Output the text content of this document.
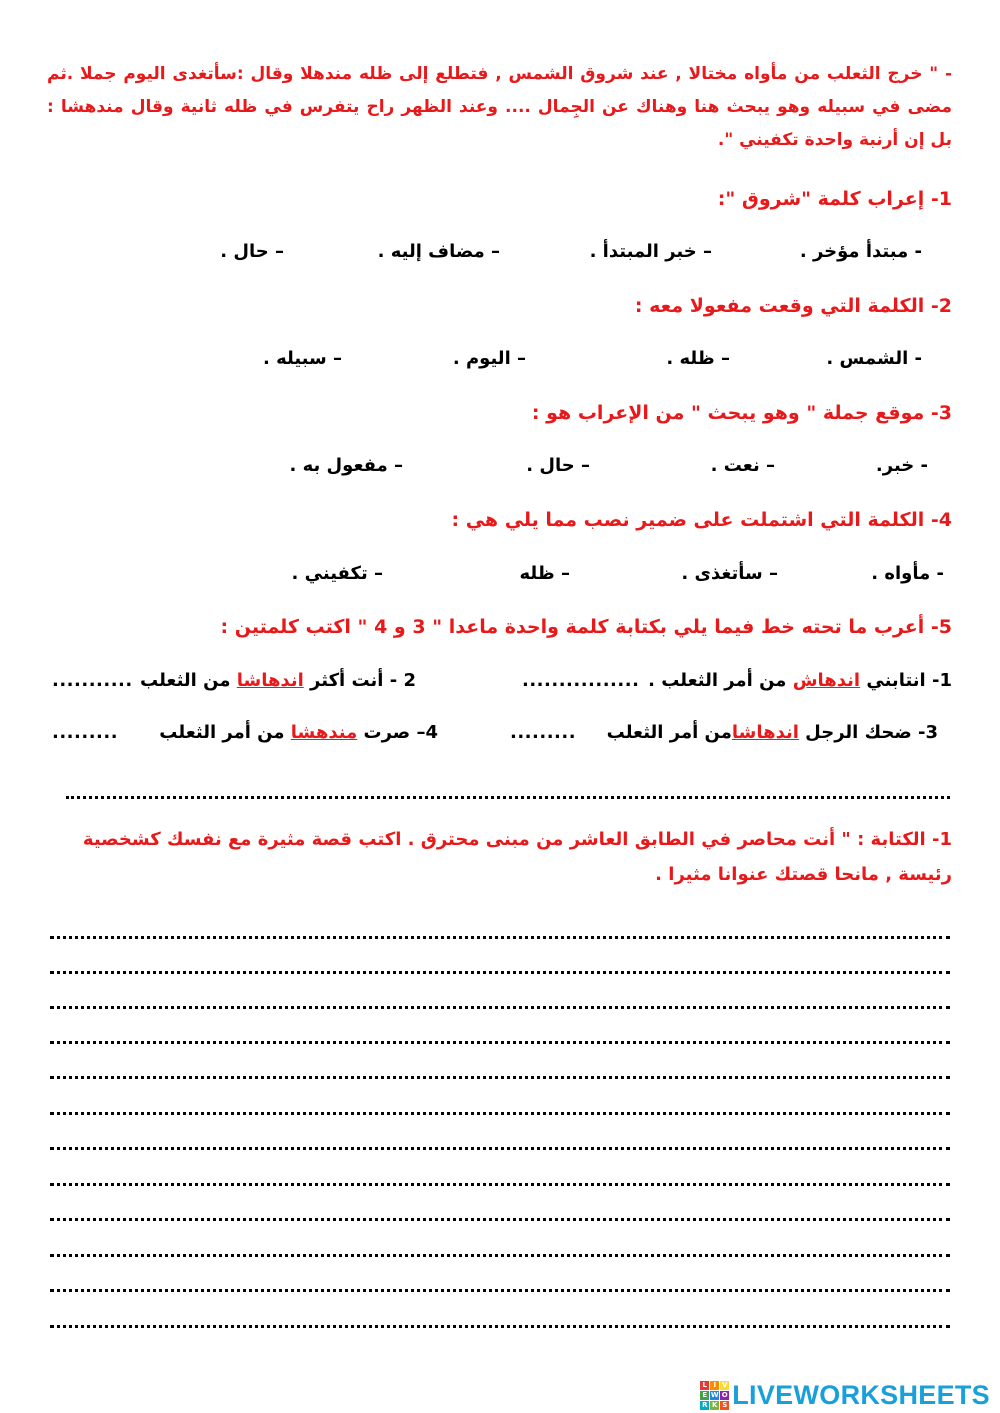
- " خرج الثعلب من مأواه مختالا , عند شروق الشمس , فتطلع إلى ظله مندهلا وقال :سأتغدى اليوم جملا .ثم مضى في سبيله وهو يبحث هنا وهناك عن الجِمال .... وعند الظهر راح يتفرس في ظله ثانية وقال مندهشا : بل إن أرنبة واحدة تكفيني ".
1- إعراب كلمة "شروق ":
- مبتدأ مؤخر .
– خبر المبتدأ .
– مضاف إليه .
– حال .
2- الكلمة التي وقعت مفعولا معه :
- الشمس .
– ظله .
– اليوم .
– سبيله .
3- موقع جملة " وهو يبحث " من الإعراب هو :
- خبر.
– نعت .
– حال .
– مفعول به .
4- الكلمة التي اشتملت على ضمير نصب مما يلي هي :
- مأواه .
– سأتغذى .
– ظله
– تكفيني .
5- أعرب ما تحته خط فيما يلي بكتابة كلمة واحدة ماعدا " 3 و 4 " اكتب كلمتين :
1- انتابني اندهاش من أمر الثعلب .
................
2 - أنت أكثر اندهاشا من الثعلب
...........
3- ضحك الرجل اندهاشامن أمر الثعلب
.........
4– صرت مندهشا من أمر الثعلب
.........
1- الكتابة : " أنت محاصر في الطابق العاشر من مبنى محترق . اكتب قصة مثيرة مع نفسك كشخصية رئيسة , مانحا قصتك عنوانا مثيرا .
L I V
E W O
R K S LIVEWORKSHEETS
